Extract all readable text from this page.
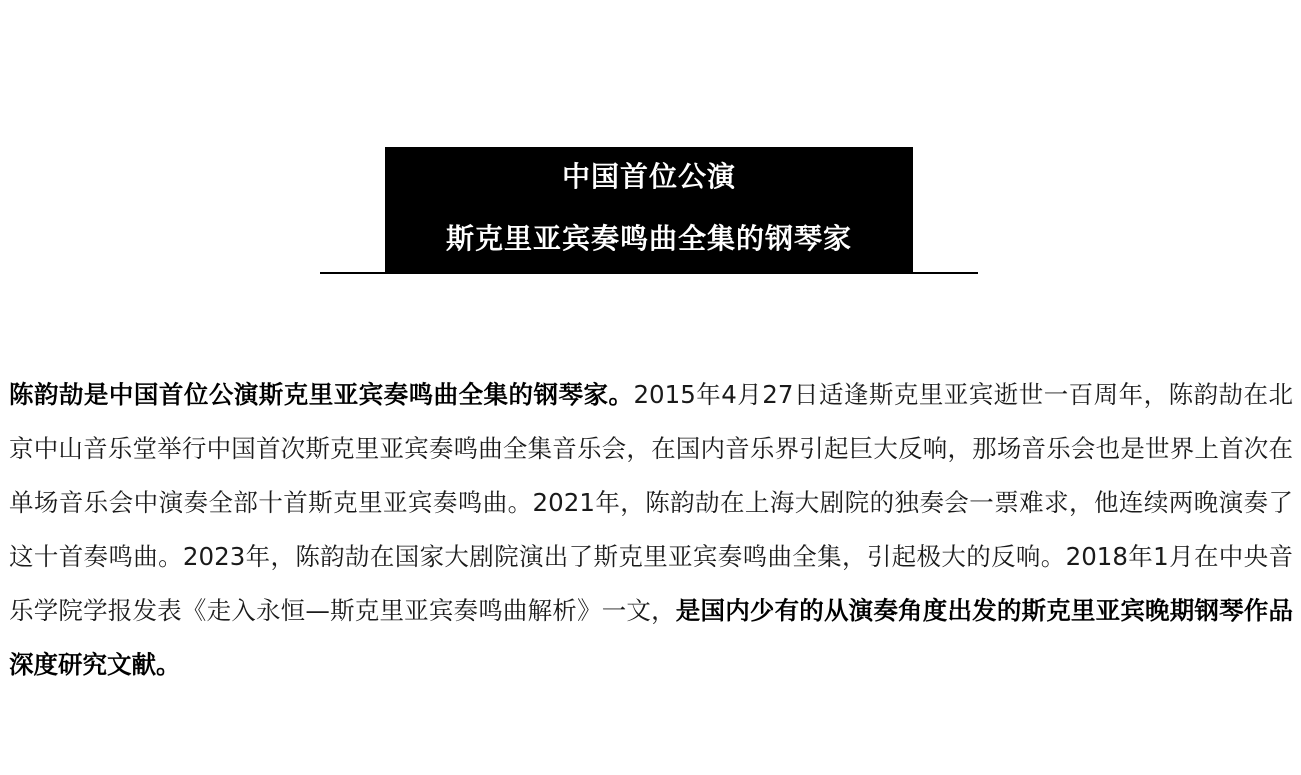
中国首位公演
斯克里亚宾奏鸣曲全集的钢琴家

陈韵劼是中国首位公演斯克里亚宾奏鸣曲全集的钢琴家。2015年4月27日适逢斯克里亚宾逝世一百周年，陈韵劼在北京中山音乐堂举行中国首次斯克里亚宾奏鸣曲全集音乐会，在国内音乐界引起巨大反响，那场音乐会也是世界上首次在单场音乐会中演奏全部十首斯克里亚宾奏鸣曲。2021年，陈韵劼在上海大剧院的独奏会一票难求，他连续两晚演奏了这十首奏鸣曲。2023年，陈韵劼在国家大剧院演出了斯克里亚宾奏鸣曲全集，引起极大的反响。2018年1月在中央音乐学院学报发表《走入永恒—斯克里亚宾奏鸣曲解析》一文，是国内少有的从演奏角度出发的斯克里亚宾晚期钢琴作品深度研究文献。
